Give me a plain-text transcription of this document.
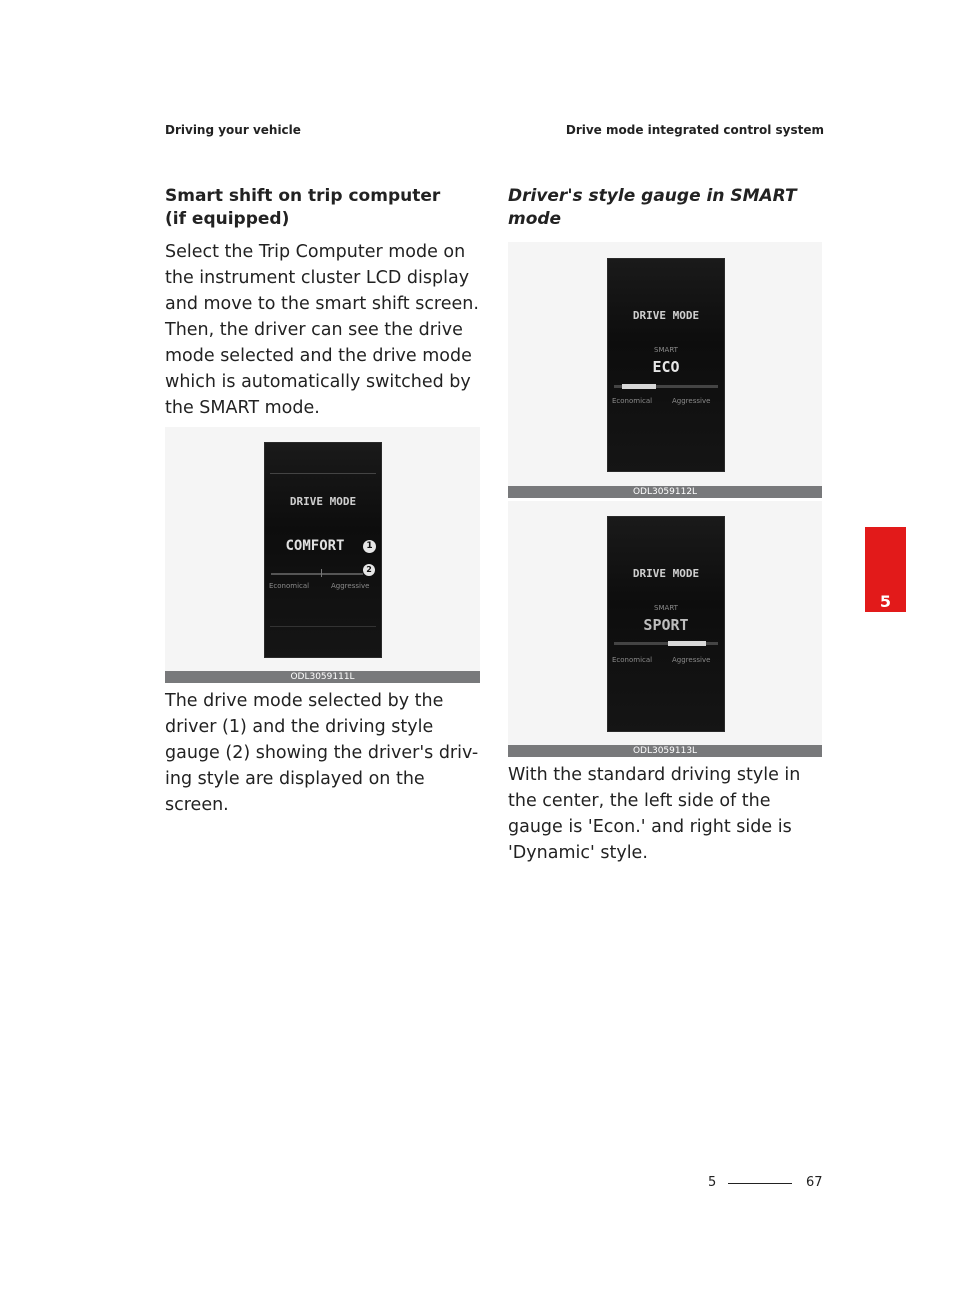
Driving your vehicle	Drive mode integrated control system
Smart shift on trip computer (if equipped)
Select the Trip Computer mode on the instrument cluster LCD display and move to the smart shift screen. Then, the driver can see the drive mode selected and the drive mode which is automatically switched by the SMART mode.
DRIVE MODE
COMFORT	1
2
Economical	Aggressive
ODL3059111L
The drive mode selected by the driver (1) and the driving style gauge (2) showing the driver's driv-ing style are displayed on the screen.
Driver's style gauge in SMART mode
DRIVE MODE
SMART
ECO
Economical	Aggressive
ODL3059112L
DRIVE MODE
SMART
SPORT
Economical	Aggressive
ODL3059113L
With the standard driving style in the center, the left side of the gauge is 'Econ.' and right side is 'Dynamic' style.
5
5	67
